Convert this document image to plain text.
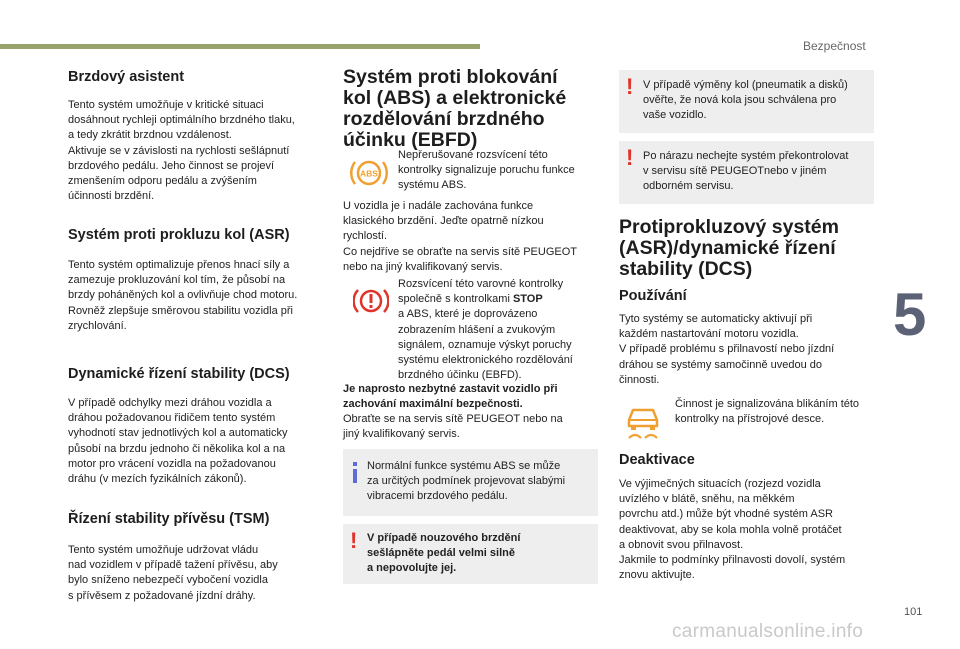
Bezpečnost
5
101
carmanualsonline.info
Brzdový asistent

Tento systém umožňuje v kritické situaci
dosáhnout rychleji optimálního brzdného tlaku,
a tedy zkrátit brzdnou vzdálenost.
Aktivuje se v závislosti na rychlosti sešlápnutí
brzdového pedálu. Jeho činnost se projeví
zmenšením odporu pedálu a zvýšením
účinnosti brzdění.

Systém proti prokluzu kol (ASR)

Tento systém optimalizuje přenos hnací síly a
zamezuje prokluzování kol tím, že působí na
brzdy poháněných kol a ovlivňuje chod motoru.
Rovněž zlepšuje směrovou stabilitu vozidla při
zrychlování.

Dynamické řízení stability (DCS)

V případě odchylky mezi dráhou vozidla a
dráhou požadovanou řidičem tento systém
vyhodnotí stav jednotlivých kol a automaticky
působí na brzdu jednoho či několika kol a na
motor pro vrácení vozidla na požadovanou
dráhu (v mezích fyzikálních zákonů).

Řízení stability přívěsu (TSM)

Tento systém umožňuje udržovat vládu
nad vozidlem v případě tažení přívěsu, aby
bylo sníženo nebezpečí vybočení vozidla
s přívěsem z požadované jízdní dráhy.

Systém proti blokování
kol (ABS) a elektronické
rozdělování brzdného
účinku (EBFD)
ABS

Nepřerušované rozsvícení této
kontrolky signalizuje poruchu funkce
systému ABS.

U vozidla je i nadále zachována funkce
klasického brzdění. Jeďte opatrně nízkou
rychlostí.
Co nejdříve se obraťte na servis sítě PEUGEOT
nebo na jiný kvalifikovaný servis.

Rozsvícení této varovné kontrolky
společně s kontrolkami STOP
a ABS, které je doprovázeno
zobrazením hlášení a zvukovým
signálem, oznamuje výskyt poruchy
systému elektronického rozdělování
brzdného účinku (EBFD).

Je naprosto nezbytné zastavit vozidlo při
zachování maximální bezpečnosti.

Obraťte se na servis sítě PEUGEOT nebo na
jiný kvalifikovaný servis.

Normální funkce systému ABS se může
za určitých podmínek projevovat slabými
vibracemi brzdového pedálu.

! V případě nouzového brzdění
sešlápněte pedál velmi silně
a nepovolujte jej.

! V případě výměny kol (pneumatik a disků)
ověřte, že nová kola jsou schválena pro
vaše vozidlo.

! Po nárazu nechejte systém překontrolovat
v servisu sítě PEUGEOTnebo v jiném
odborném servisu.

Protiprokluzový systém
(ASR)/dynamické řízení
stability (DCS)
Používání

Tyto systémy se automaticky aktivují při
každém nastartování motoru vozidla.
V případě problému s přilnavostí nebo jízdní
dráhou se systémy samočinně uvedou do
činnosti.

Činnost je signalizována blikáním této
kontrolky na přístrojové desce.

Deaktivace

Ve výjimečných situacích (rozjezd vozidla
uvízlého v blátě, sněhu, na měkkém
povrchu atd.) může být vhodné systém ASR
deaktivovat, aby se kola mohla volně protáčet
a obnovit svou přilnavost.
Jakmile to podmínky přilnavosti dovolí, systém
znovu aktivujte.
